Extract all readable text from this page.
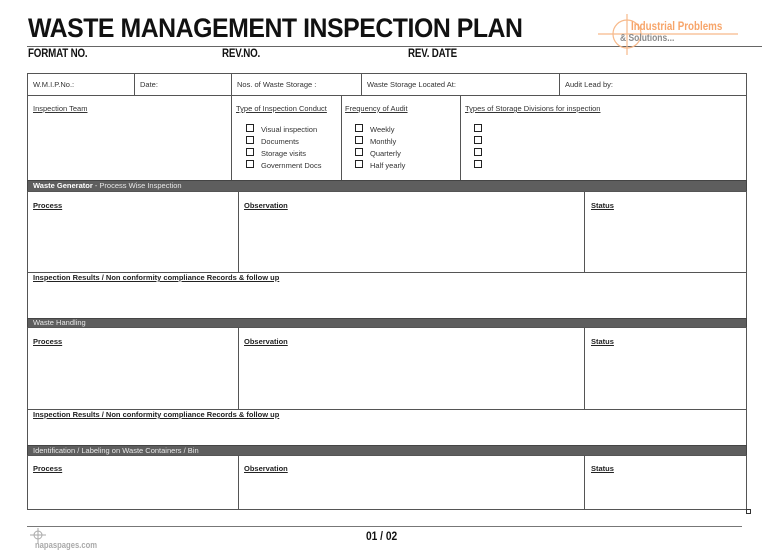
WASTE MANAGEMENT INSPECTION PLAN
FORMAT NO.	REV.NO.	REV. DATE
Industrial Problems
& Solutions...
W.M.I.P.No.:	Date:	Nos. of Waste Storage :	Waste Storage Located At:	Audit Lead by:
Inspection Team	Type of Inspection Conduct
Visual inspection
Documents
Storage visits
Government Docs
Frequency of Audit
Weekly
Monthly
Quarterly
Half yearly
Types of Storage Divisions for inspection
Waste Generator - Process Wise Inspection
Process	Observation	Status
Inspection Results / Non conformity compliance Records & follow up
Waste Handling
Process	Observation	Status
Inspection Results / Non conformity compliance Records & follow up
Identification / Labeling on Waste Containers / Bin
Process	Observation	Status
napaspages.com
01 / 02
